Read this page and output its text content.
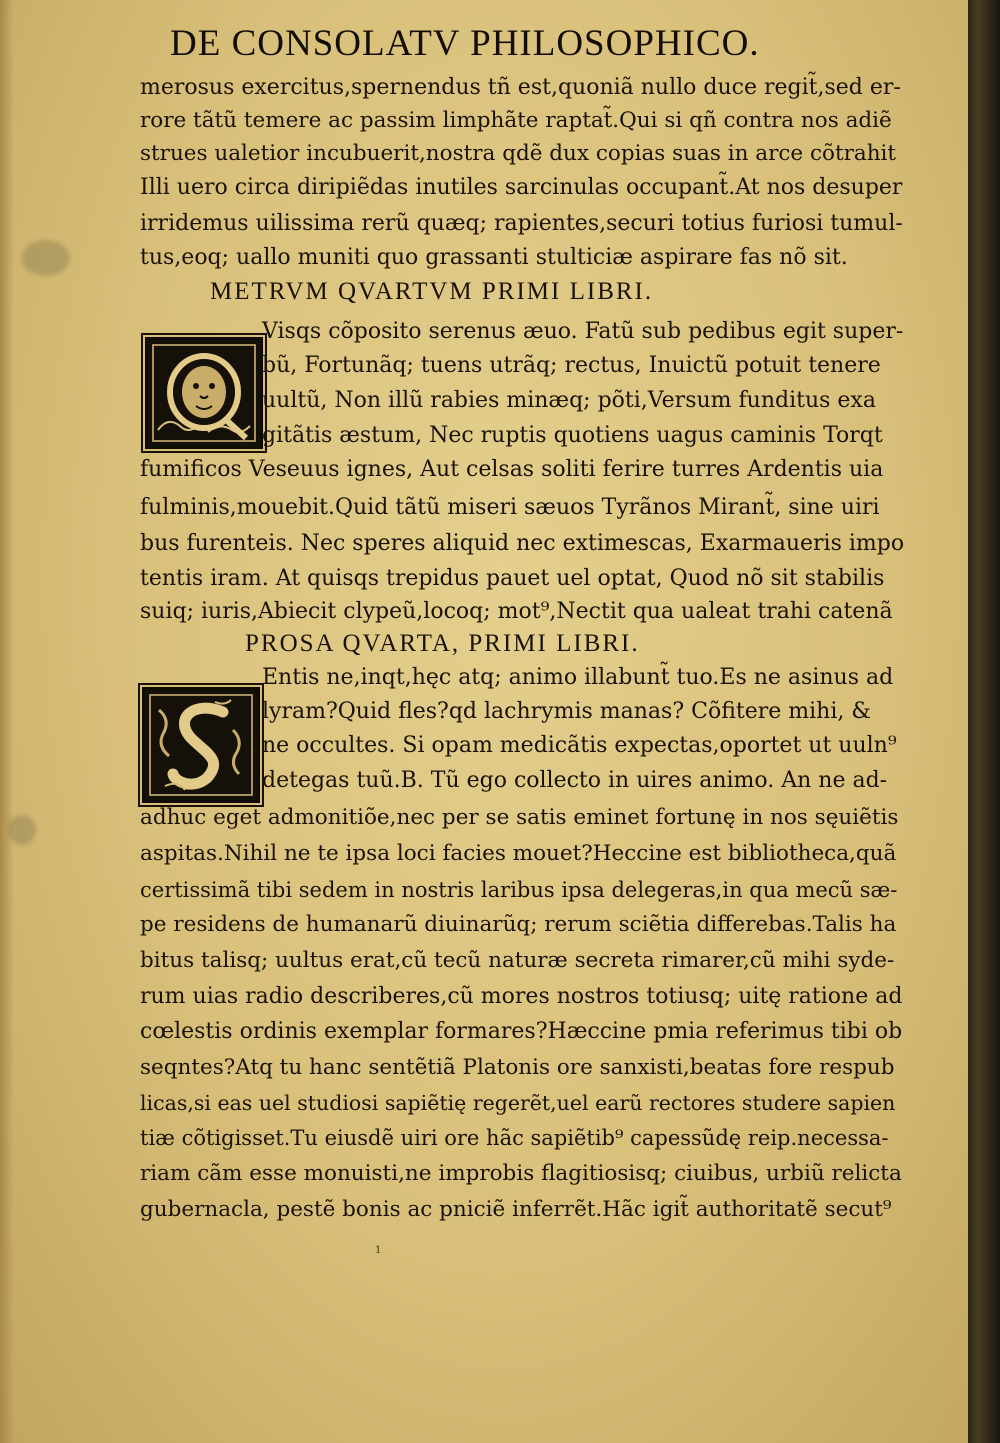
DE CONSOLATV PHILOSOPHICO.
merosus exercitus,spernendus tñ est,quoniã nullo duce regit̃,sed er-
rore tãtũ temere ac passim limphãte raptat̃.Qui si qñ contra nos adiẽ
strues ualetior incubuerit,nostra qdẽ dux copias suas in arce cõtrahit
Illi uero circa diripiẽdas inutiles sarcinulas occupant̃.At nos desuper
irridemus uilissima rerũ quæq; rapientes,securi totius furiosi tumul-
tus,eoq; uallo muniti quo grassanti stulticiæ aspirare fas nõ sit.
METRVM QVARTVM PRIMI LIBRI.
Visqs cõposito serenus æuo. Fatũ sub pedibus egit super-
bũ, Fortunãq; tuens utrãq; rectus, Inuictũ potuit tenere
uultũ, Non illũ rabies minæq; põti,Versum funditus exa
gitãtis æstum, Nec ruptis quotiens uagus caminis Torqt
fumificos Veseuus ignes, Aut celsas soliti ferire turres Ardentis uia
fulminis,mouebit.Quid tãtũ miseri sæuos Tyrãnos Mirant̃, sine uiri
bus furenteis. Nec speres aliquid nec extimescas, Exarmaueris impo
tentis iram. At quisqs trepidus pauet uel optat, Quod nõ sit stabilis
suiq; iuris,Abiecit clypeũ,locoq; mot⁹,Nectit qua ualeat trahi catenã
PROSA QVARTA, PRIMI LIBRI.
Entis ne,inqt,hęc atq; animo illabunt̃ tuo.Es ne asinus ad
lyram?Quid fles?qd lachrymis manas? Cõfitere mihi, &
ne occultes. Si opam medicãtis expectas,oportet ut uuln⁹
detegas tuũ.B. Tũ ego collecto in uires animo. An ne ad-
adhuc eget admonitiõe,nec per se satis eminet fortunę in nos sęuiẽtis
aspitas.Nihil ne te ipsa loci facies mouet?Heccine est bibliotheca,quã
certissimã tibi sedem in nostris laribus ipsa delegeras,in qua mecũ sæ-
pe residens de humanarũ diuinarũq; rerum sciẽtia differebas.Talis ha
bitus talisq; uultus erat,cũ tecũ naturæ secreta rimarer,cũ mihi syde-
rum uias radio describeres,cũ mores nostros totiusq; uitę ratione ad
cœlestis ordinis exemplar formares?Hæccine pmia referimus tibi ob
seqntes?Atq tu hanc sentẽtiã Platonis ore sanxisti,beatas fore respub
licas,si eas uel studiosi sapiẽtię regerẽt,uel earũ rectores studere sapien
tiæ cõtigisset.Tu eiusdẽ uiri ore hãc sapiẽtib⁹ capessũdę reip.necessa-
riam cãm esse monuisti,ne improbis flagitiosisq; ciuibus, urbiũ relicta
gubernacla, pestẽ bonis ac pniciẽ inferrẽt.Hãc igit̃ authoritatẽ secut⁹
1
